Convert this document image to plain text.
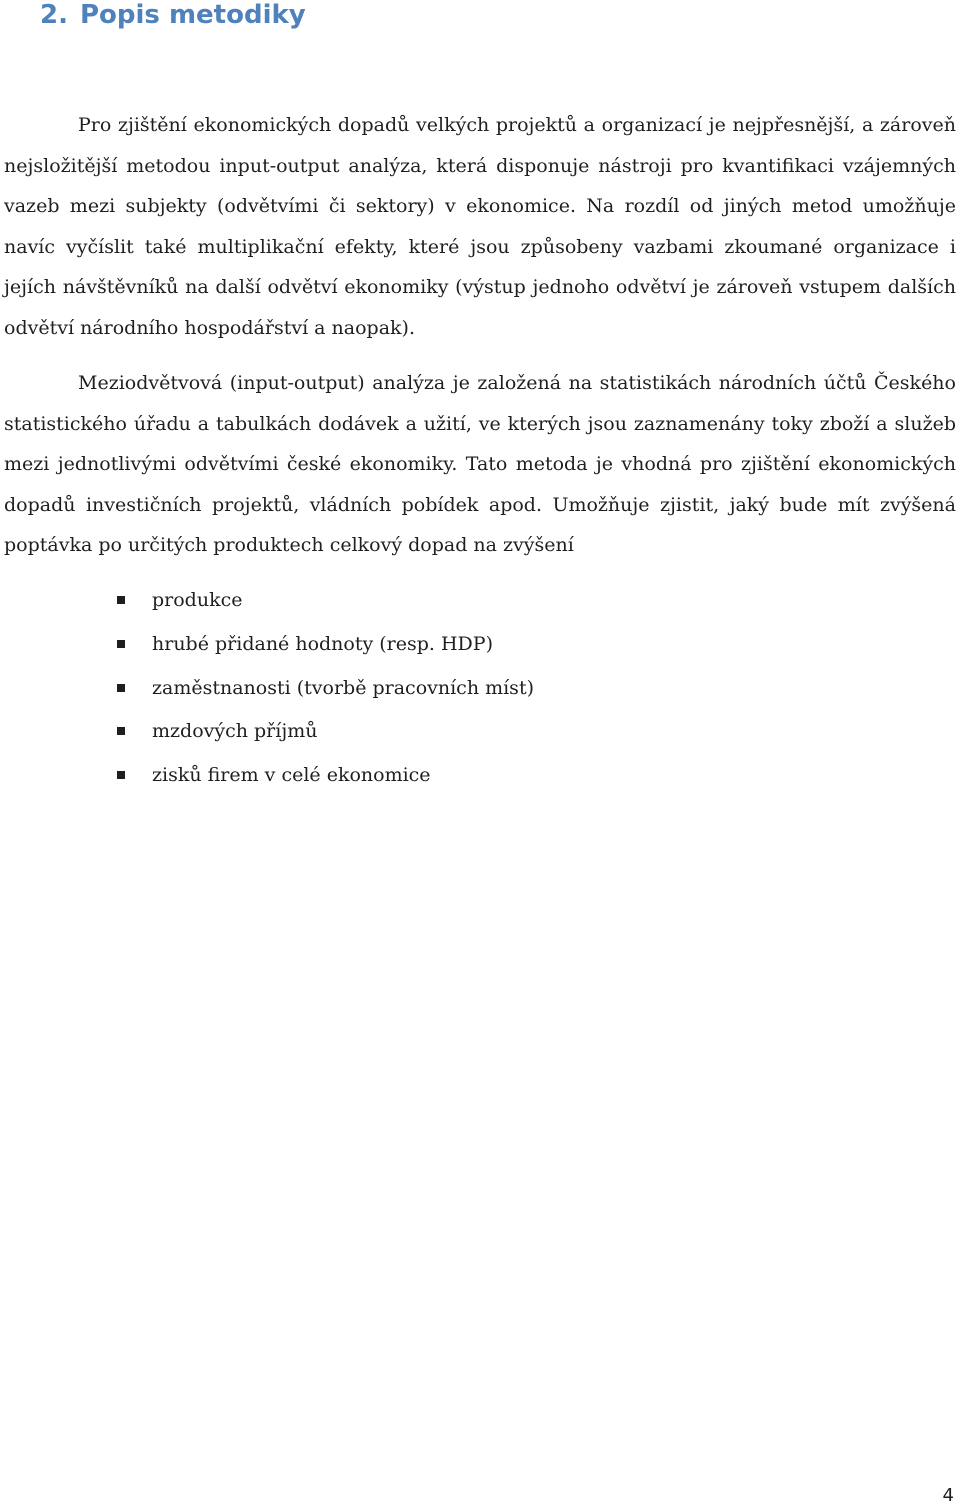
2. Popis metodiky

Pro zjištění ekonomických dopadů velkých projektů a organizací je nejpřesnější, a zároveň nejsložitější metodou input-output analýza, která disponuje nástroji pro kvantifikaci vzájemných vazeb mezi subjekty (odvětvími či sektory) v ekonomice. Na rozdíl od jiných metod umožňuje navíc vyčíslit také multiplikační efekty, které jsou způsobeny vazbami zkoumané organizace i jejích návštěvníků na další odvětví ekonomiky (výstup jednoho odvětví je zároveň vstupem dalších odvětví národního hospodářství a naopak).

Meziodvětvová (input-output) analýza je založená na statistikách národních účtů Českého statistického úřadu a tabulkách dodávek a užití, ve kterých jsou zaznamenány toky zboží a služeb mezi jednotlivými odvětvími české ekonomiky. Tato metoda je vhodná pro zjištění ekonomických dopadů investičních projektů, vládních pobídek apod. Umožňuje zjistit, jaký bude mít zvýšená poptávka po určitých produktech celkový dopad na zvýšení

produkce
hrubé přidané hodnoty (resp. HDP)
zaměstnanosti (tvorbě pracovních míst)
mzdových příjmů
zisků firem v celé ekonomice
4
